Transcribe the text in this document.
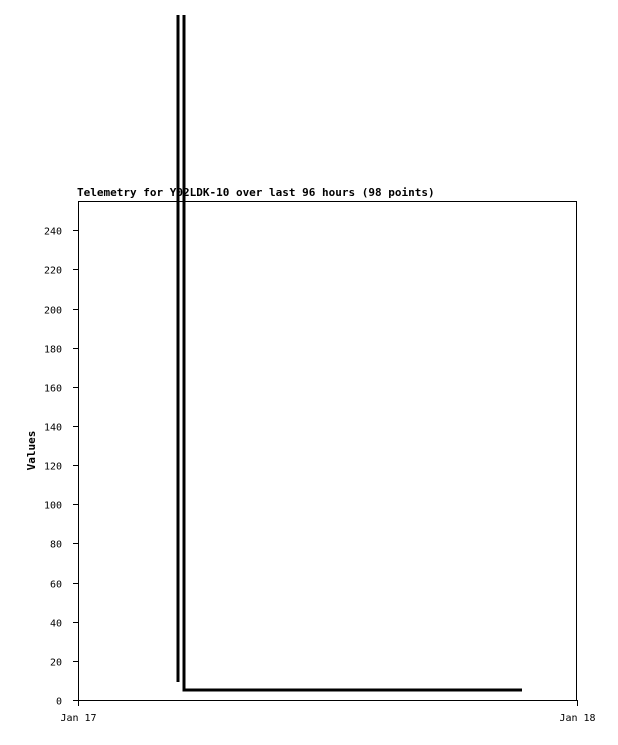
0
20
40
60
80
100
120
140
160
180
200
220
240
Jan 17	Jan 18
Telemetry for Y02LDK-10 over last 96 hours (98 points)
Values
